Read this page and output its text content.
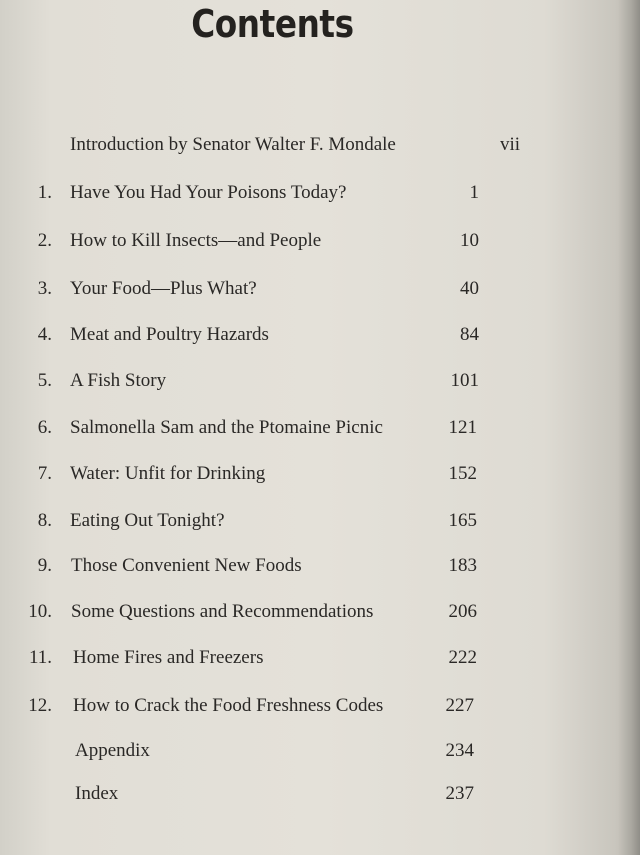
Contents
Introduction by Senator Walter F. Mondale	vii
1. Have You Had Your Poisons Today?	1
2. How to Kill Insects—and People	10
3. Your Food—Plus What?	40
4. Meat and Poultry Hazards	84
5. A Fish Story	101
6. Salmonella Sam and the Ptomaine Picnic	121
7. Water: Unfit for Drinking	152
8. Eating Out Tonight?	165
9. Those Convenient New Foods	183
10. Some Questions and Recommendations	206
11. Home Fires and Freezers	222
12. How to Crack the Food Freshness Codes	227
Appendix	234
Index	237
